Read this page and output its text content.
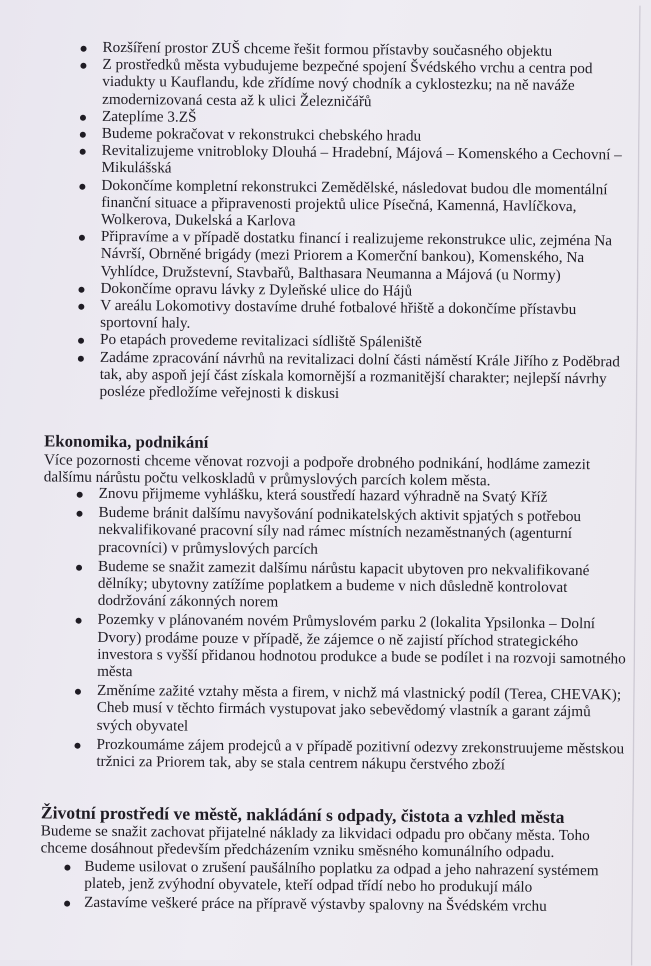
Rozšíření prostor ZUŠ chceme řešit formou přístavby současného objektu
Z prostředků města vybudujeme bezpečné spojení Švédského vrchu a centra pod viadukty u Kauflandu, kde zřídíme nový chodník a cyklostezku; na ně naváže zmodernizovaná cesta až k ulici Železničářů
Zateplíme 3.ZŠ
Budeme pokračovat v rekonstrukci chebského hradu
Revitalizujeme vnitrobloky Dlouhá – Hradební, Májová – Komenského a Cechovní – Mikulášská
Dokončíme kompletní rekonstrukci Zemědělské, následovat budou dle momentální finanční situace a připravenosti projektů ulice Písečná, Kamenná, Havlíčkova, Wolkerova, Dukelská a Karlova
Připravíme a v případě dostatku financí i realizujeme rekonstrukce ulic, zejména Na Návrší, Obrněné brigády (mezi Priorem a Komerční bankou), Komenského, Na Vyhlídce, Družstevní, Stavbařů, Balthasara Neumanna a Májová (u Normy)
Dokončíme opravu lávky z Dyleňské ulice do Hájů
V areálu Lokomotivy dostavíme druhé fotbalové hřiště a dokončíme přístavbu sportovní haly.
Po etapách provedeme revitalizaci sídliště Spáleniště
Zadáme zpracování návrhů na revitalizaci dolní části náměstí Krále Jiřího z Poděbrad tak, aby aspoň její část získala komornější a rozmanitější charakter; nejlepší návrhy posléze předložíme veřejnosti k diskusi
Ekonomika, podnikání
Více pozornosti chceme věnovat rozvoji a podpoře drobného podnikání, hodláme zamezit dalšímu nárůstu počtu velkoskladů v průmyslových parcích kolem města.
Znovu přijmeme vyhlášku, která soustředí hazard výhradně na Svatý Kříž
Budeme bránit dalšímu navyšování podnikatelských aktivit spjatých s potřebou nekvalifikované pracovní síly nad rámec místních nezaměstnaných (agenturní pracovníci) v průmyslových parcích
Budeme se snažit zamezit dalšímu nárůstu kapacit ubytoven pro nekvalifikované dělníky; ubytovny zatížíme poplatkem a budeme v nich důsledně kontrolovat dodržování zákonných norem
Pozemky v plánovaném novém Průmyslovém parku 2 (lokalita Ypsilonka – Dolní Dvory) prodáme pouze v případě, že zájemce o ně zajistí příchod strategického investora s vyšší přidanou hodnotou produkce a bude se podílet i na rozvoji samotného města
Změníme zažité vztahy města a firem, v nichž má vlastnický podíl (Terea, CHEVAK); Cheb musí v těchto firmách vystupovat jako sebevědomý vlastník a garant zájmů svých obyvatel
Prozkoumáme zájem prodejců a v případě pozitivní odezvy zrekonstruujeme městskou tržnici za Priorem tak, aby se stala centrem nákupu čerstvého zboží
Životní prostředí ve městě, nakládání s odpady, čistota a vzhled města
Budeme se snažit zachovat přijatelné náklady za likvidaci odpadu pro občany města. Toho chceme dosáhnout především předcházením vzniku směsného komunálního odpadu.
Budeme usilovat o zrušení paušálního poplatku za odpad a jeho nahrazení systémem plateb, jenž zvýhodní obyvatele, kteří odpad třídí nebo ho produkují málo
Zastavíme veškeré práce na přípravě výstavby spalovny na Švédském vrchu
